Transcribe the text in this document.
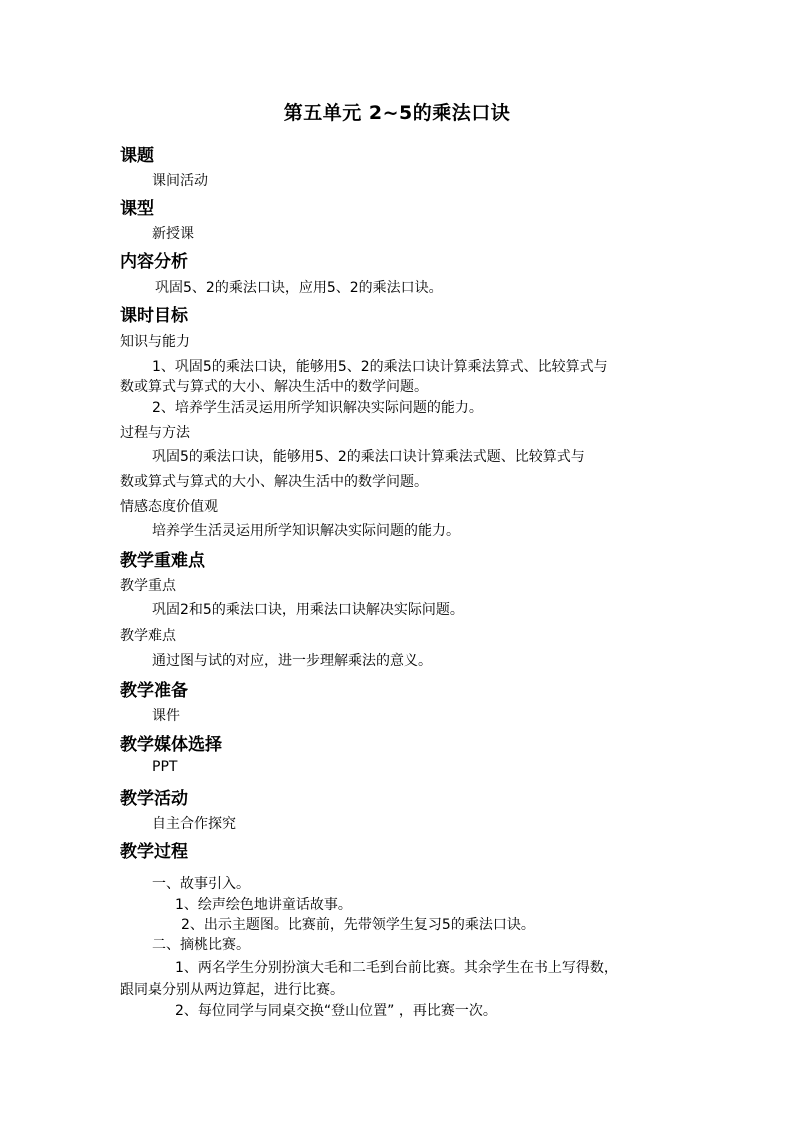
第五单元 2~5的乘法口诀
课题
课间活动
课型
新授课
内容分析
巩固5、2的乘法口诀，应用5、2的乘法口诀。
课时目标
知识与能力
1、巩固5的乘法口诀，能够用5、2的乘法口诀计算乘法算式、比较算式与
数或算式与算式的大小、解决生活中的数学问题。
2、培养学生活灵运用所学知识解决实际问题的能力。
过程与方法
巩固5的乘法口诀，能够用5、2的乘法口诀计算乘法式题、比较算式与
数或算式与算式的大小、解决生活中的数学问题。
情感态度价值观
培养学生活灵运用所学知识解决实际问题的能力。
教学重难点
教学重点
巩固2和5的乘法口诀，用乘法口诀解决实际问题。
教学难点
通过图与试的对应，进一步理解乘法的意义。
教学准备
课件
教学媒体选择
PPT
教学活动
自主合作探究
教学过程
一、故事引入。
1、绘声绘色地讲童话故事。
2、出示主题图。比赛前，先带领学生复习5的乘法口诀。
二、摘桃比赛。
1、两名学生分别扮演大毛和二毛到台前比赛。其余学生在书上写得数，
跟同桌分别从两边算起，进行比赛。
2、每位同学与同桌交换“登山位置” ，再比赛一次。
